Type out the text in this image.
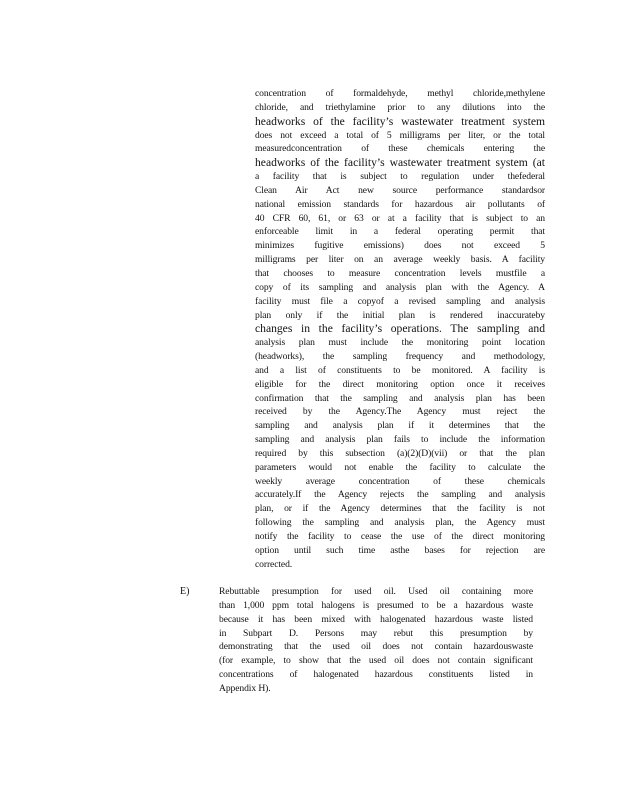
concentration of formaldehyde, methyl chloride,methylene
chloride, and triethylamine prior to any dilutions into the
headworks of the facility’s wastewater treatment system
does not exceed a total of 5 milligrams per liter, or the total
measuredconcentration of these chemicals entering the
headworks of the facility’s wastewater treatment system (at
a facility that is subject to regulation under thefederal
Clean Air Act new source performance standardsor
national emission standards for hazardous air pollutants of
40 CFR 60, 61, or 63 or at a facility that is subject to an
enforceable limit in a federal operating permit that
minimizes fugitive emissions) does not exceed 5
milligrams per liter on an average weekly basis. A facility
that chooses to measure concentration levels mustfile a
copy of its sampling and analysis plan with the Agency. A
facility must file a copyof a revised sampling and analysis
plan only if the initial plan is rendered inaccurateby
changes in the facility’s operations. The sampling and
analysis plan must include the monitoring point location
(headworks), the sampling frequency and methodology,
and a list of constituents to be monitored. A facility is
eligible for the direct monitoring option once it receives
confirmation that the sampling and analysis plan has been
received by the Agency.The Agency must reject the
sampling and analysis plan if it determines that the
sampling and analysis plan fails to include the information
required by this subsection (a)(2)(D)(vii) or that the plan
parameters would not enable the facility to calculate the
weekly average concentration of these chemicals
accurately.If the Agency rejects the sampling and analysis
plan, or if the Agency determines that the facility is not
following the sampling and analysis plan, the Agency must
notify the facility to cease the use of the direct monitoring
option until such time asthe bases for rejection are
corrected.
E)	Rebuttable presumption for used oil. Used oil containing more
than 1,000 ppm total halogens is presumed to be a hazardous waste
because it has been mixed with halogenated hazardous waste listed
in Subpart D. Persons may rebut this presumption by
demonstrating that the used oil does not contain hazardouswaste
(for example, to show that the used oil does not contain significant
concentrations of halogenated hazardous constituents listed in
Appendix H).
